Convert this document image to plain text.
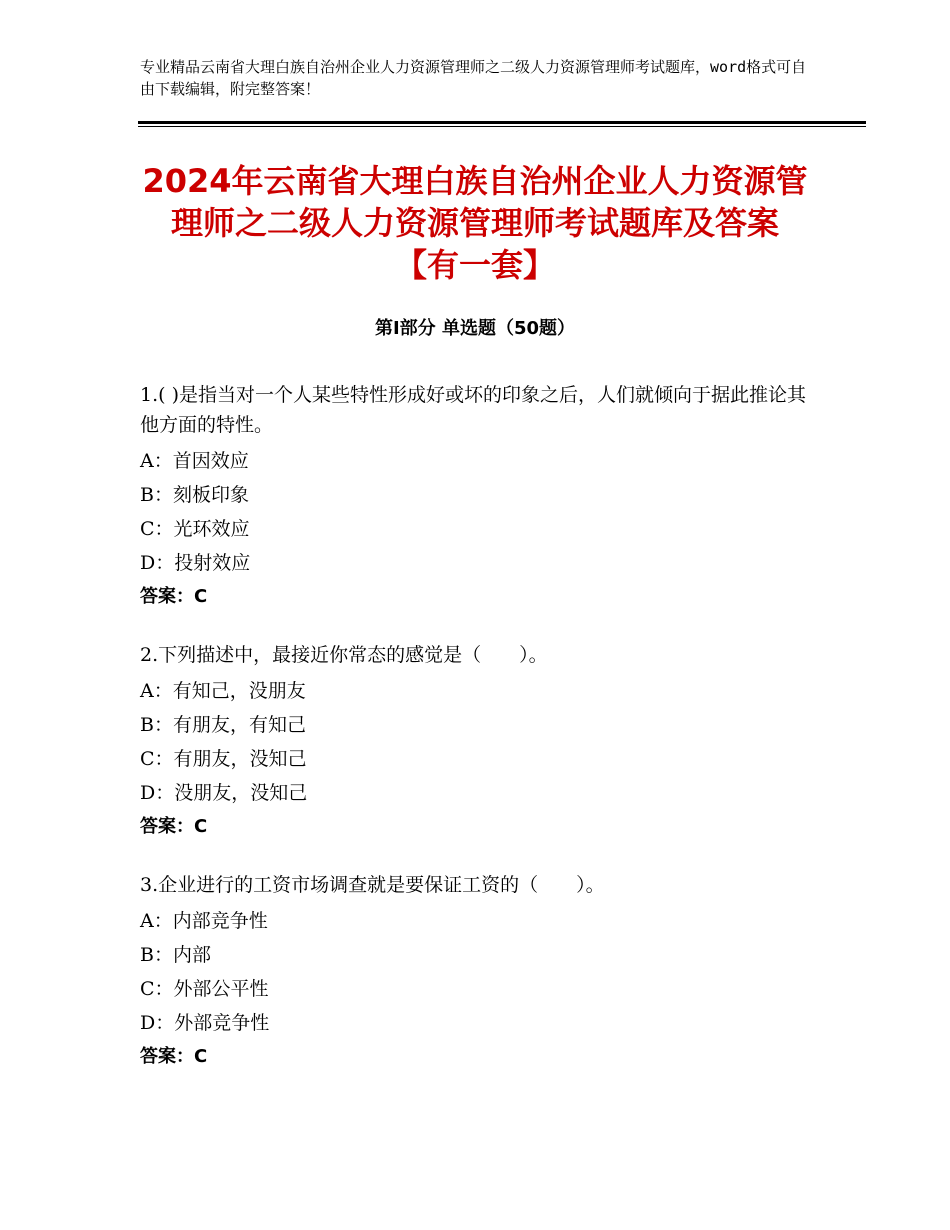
专业精品云南省大理白族自治州企业人力资源管理师之二级人力资源管理师考试题库，word格式可自由下载编辑，附完整答案！
2024年云南省大理白族自治州企业人力资源管理师之二级人力资源管理师考试题库及答案【有一套】
第Ⅰ部分 单选题（50题）

1.( )是指当对一个人某些特性形成好或坏的印象之后，人们就倾向于据此推论其他方面的特性。

A：首因效应

B：刻板印象

C：光环效应

D：投射效应

答案：C

2.下列描述中，最接近你常态的感觉是（　　）。

A：有知己，没朋友

B：有朋友，有知己

C：有朋友，没知己

D：没朋友，没知己

答案：C

3.企业进行的工资市场调查就是要保证工资的（　　）。

A：内部竞争性

B：内部

C：外部公平性

D：外部竞争性

答案：C
